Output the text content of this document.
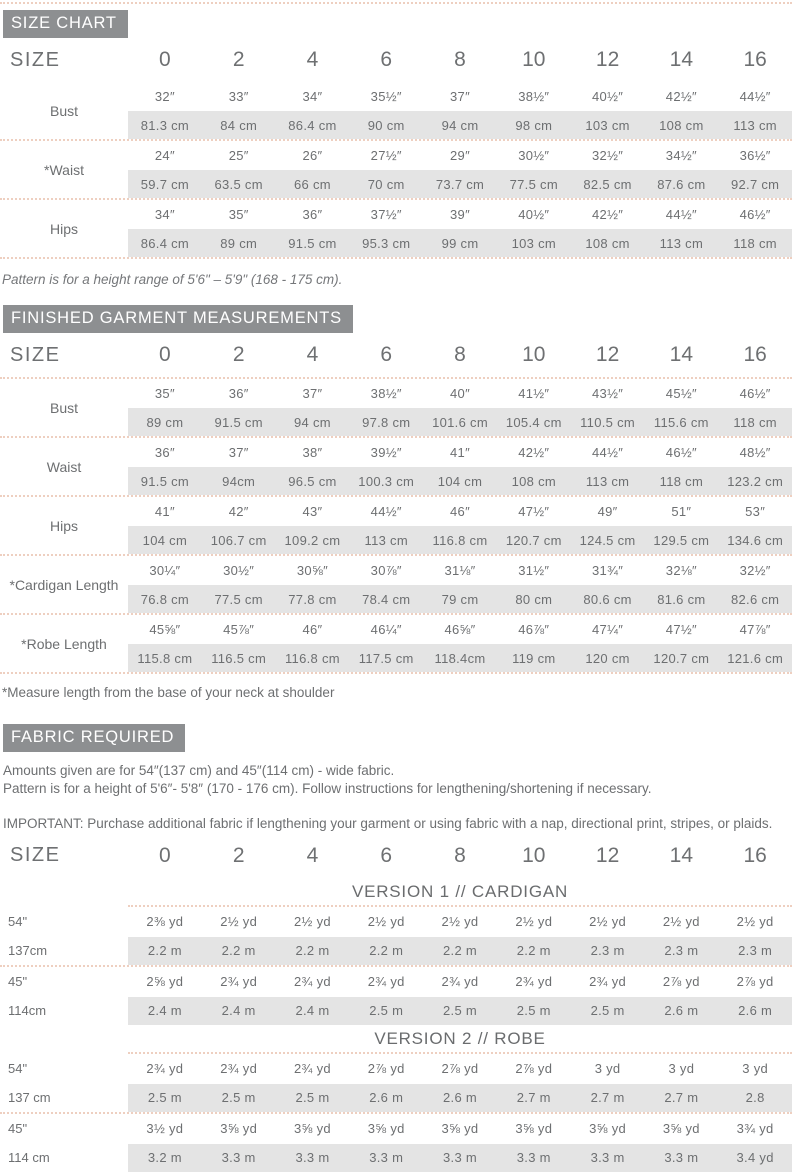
SIZE CHART
SIZE	0	2	4	6	8	10	12	14	16
Bust
32″	33″	34″	35½″	37″	38½″	40½″	42½″	44½″
81.3 cm	84 cm	86.4 cm	90 cm	94 cm	98 cm	103 cm	108 cm	113 cm
*Waist
24″	25″	26″	27½″	29″	30½″	32½″	34½″	36½″
59.7 cm	63.5 cm	66 cm	70 cm	73.7 cm	77.5 cm	82.5 cm	87.6 cm	92.7 cm
Hips
34″	35″	36″	37½″	39″	40½″	42½″	44½″	46½″
86.4 cm	89 cm	91.5 cm	95.3 cm	99 cm	103 cm	108 cm	113 cm	118 cm
Pattern is for a height range of 5'6" – 5'9" (168 - 175 cm).
FINISHED GARMENT MEASUREMENTS
SIZE	0	2	4	6	8	10	12	14	16
Bust
35″	36″	37″	38½″	40″	41½″	43½″	45½″	46½″
89 cm	91.5 cm	94 cm	97.8 cm	101.6 cm	105.4 cm	110.5 cm	115.6 cm	118 cm
Waist
36″	37″	38″	39½″	41″	42½″	44½″	46½″	48½″
91.5 cm	94cm	96.5 cm	100.3 cm	104 cm	108 cm	113 cm	118 cm	123.2 cm
Hips
41″	42″	43″	44½″	46″	47½″	49″	51″	53″
104 cm	106.7 cm	109.2 cm	113 cm	116.8 cm	120.7 cm	124.5 cm	129.5 cm	134.6 cm
*Cardigan Length
30¼″	30½″	30⅝″	30⅞″	31⅛″	31½″	31¾″	32⅛″	32½″
76.8 cm	77.5 cm	77.8 cm	78.4 cm	79 cm	80 cm	80.6 cm	81.6 cm	82.6 cm
*Robe Length
45⅝″	45⅞″	46″	46¼″	46⅝″	46⅞″	47¼″	47½″	47⅞″
115.8 cm	116.5 cm	116.8 cm	117.5 cm	118.4cm	119 cm	120 cm	120.7 cm	121.6 cm
*Measure length from the base of your neck at shoulder
FABRIC REQUIRED

Amounts given are for 54″(137 cm) and 45″(114 cm) - wide fabric.
Pattern is for a height of 5'6″- 5'8″ (170 - 176 cm). Follow instructions for lengthening/shortening if necessary.

IMPORTANT: Purchase additional fabric if lengthening your garment or using fabric with a nap, directional print, stripes, or plaids.

SIZE	0	2	4	6	8	10	12	14	16
VERSION 1 // CARDIGAN
54"	2⅜ yd	2½ yd	2½ yd	2½ yd	2½ yd	2½ yd	2½ yd	2½ yd	2½ yd
137cm	2.2 m	2.2 m	2.2 m	2.2 m	2.2 m	2.2 m	2.3 m	2.3 m	2.3 m
45"	2⅝ yd	2¾ yd	2¾ yd	2¾ yd	2¾ yd	2¾ yd	2¾ yd	2⅞ yd	2⅞ yd
114cm	2.4 m	2.4 m	2.4 m	2.5 m	2.5 m	2.5 m	2.5 m	2.6 m	2.6 m
VERSION 2 // ROBE
54"	2¾ yd	2¾ yd	2¾ yd	2⅞ yd	2⅞ yd	2⅞ yd	3 yd	3 yd	3 yd
137 cm	2.5 m	2.5 m	2.5 m	2.6 m	2.6 m	2.7 m	2.7 m	2.7 m	2.8
45"	3½ yd	3⅝ yd	3⅝ yd	3⅝ yd	3⅝ yd	3⅝ yd	3⅝ yd	3⅝ yd	3¾ yd
114 cm	3.2 m	3.3 m	3.3 m	3.3 m	3.3 m	3.3 m	3.3 m	3.3 m	3.4 yd
